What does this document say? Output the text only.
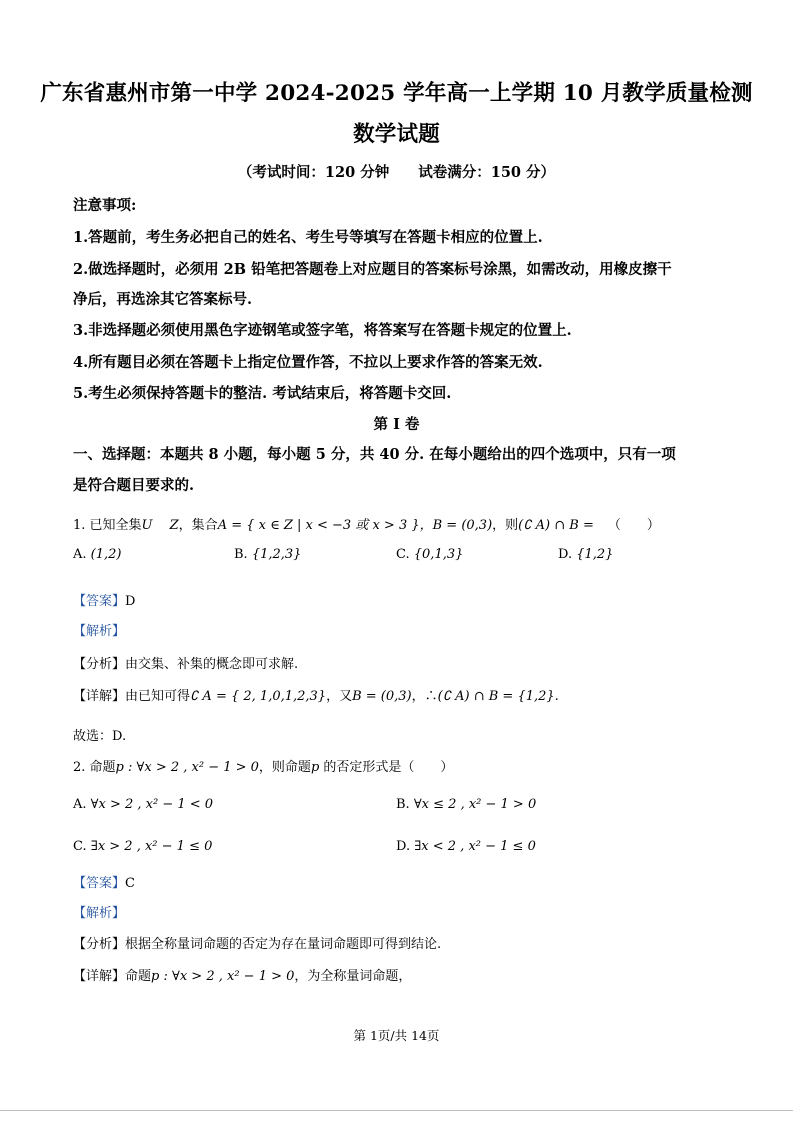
广东省惠州市第一中学 2024-2025 学年高一上学期 10 月教学质量检测
数学试题
（考试时间：120 分钟　　试卷满分：150 分）
注意事项:
1.答题前，考生务必把自己的姓名、考生号等填写在答题卡相应的位置上.
2.做选择题时，必须用 2B 铅笔把答题卷上对应题目的答案标号涂黑，如需改动，用橡皮擦干
净后，再选涂其它答案标号.
3.非选择题必须使用黑色字迹钢笔或签字笔，将答案写在答题卡规定的位置上.
4.所有题目必须在答题卡上指定位置作答，不拉以上要求作答的答案无效.
5.考生必须保持答题卡的整洁. 考试结束后，将答题卡交回.
第 I 卷
一、选择题：本题共 8 小题，每小题 5 分，共 40 分. 在每小题给出的四个选项中，只有一项
是符合题目要求的.
1. 已知全集U　 Z，集合A = { x ∈ Z | x < −3 或 x > 3 }，B = (0,3)，则(∁ A) ∩ B = （　　）
A. (1,2)	B. {1,2,3}	C. {0,1,3}	D. {1,2}
【答案】D
【解析】
【分析】由交集、补集的概念即可求解.
【详解】由已知可得∁ A = { 2, 1,0,1,2,3}，又B = (0,3)，∴(∁ A) ∩ B = {1,2}.
故选：D.
2. 命题p : ∀x > 2 , x² − 1 > 0，则命题p 的否定形式是（　　）
A. ∀x > 2 , x² − 1 < 0	B. ∀x ≤ 2 , x² − 1 > 0
C. ∃x > 2 , x² − 1 ≤ 0	D. ∃x < 2 , x² − 1 ≤ 0
【答案】C
【解析】
【分析】根据全称量词命题的否定为存在量词命题即可得到结论.
【详解】命题p : ∀x > 2 , x² − 1 > 0，为全称量词命题，
第 1页/共 14页
